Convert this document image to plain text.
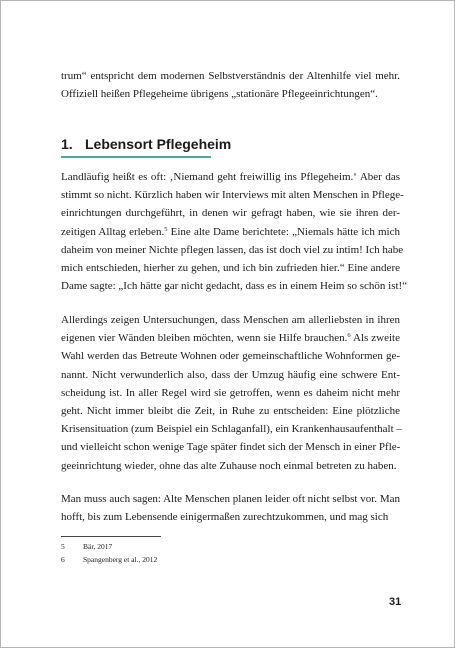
trum“ entspricht dem modernen Selbstverständnis der Altenhilfe viel mehr.
Offiziell heißen Pflegeheime übrigens „stationäre Pflegeeinrichtungen“.

1. Lebensort Pflegeheim

Landläufig heißt es oft: ‚Niemand geht freiwillig ins Pflegeheim.‘ Aber das
stimmt so nicht. Kürzlich haben wir Interviews mit alten Menschen in Pflege-
einrichtungen durchgeführt, in denen wir gefragt haben, wie sie ihren der-
zeitigen Alltag erleben.$^5$ Eine alte Dame berichtete: „Niemals hätte ich mich
daheim von meiner Nichte pflegen lassen, das ist doch viel zu intim! Ich habe
mich entschieden, hierher zu gehen, und ich bin zufrieden hier.“ Eine andere
Dame sagte: „Ich hätte gar nicht gedacht, dass es in einem Heim so schön ist!“

Allerdings zeigen Untersuchungen, dass Menschen am allerliebsten in ihren
eigenen vier Wänden bleiben möchten, wenn sie Hilfe brauchen.$^6$ Als zweite
Wahl werden das Betreute Wohnen oder gemeinschaftliche Wohnformen ge-
nannt. Nicht verwunderlich also, dass der Umzug häufig eine schwere Ent-
scheidung ist. In aller Regel wird sie getroffen, wenn es daheim nicht mehr
geht. Nicht immer bleibt die Zeit, in Ruhe zu entscheiden: Eine plötzliche
Krisensituation (zum Beispiel ein Schlaganfall), ein Krankenhausaufenthalt –
und vielleicht schon wenige Tage später findet sich der Mensch in einer Pfle-
geeinrichtung wieder, ohne das alte Zuhause noch einmal betreten zu haben.

Man muss auch sagen: Alte Menschen planen leider oft nicht selbst vor. Man
hofft, bis zum Lebensende einigermaßen zurechtzukommen, und mag sich

5 Bär, 2017
6 Spangenberg et al., 2012
31
